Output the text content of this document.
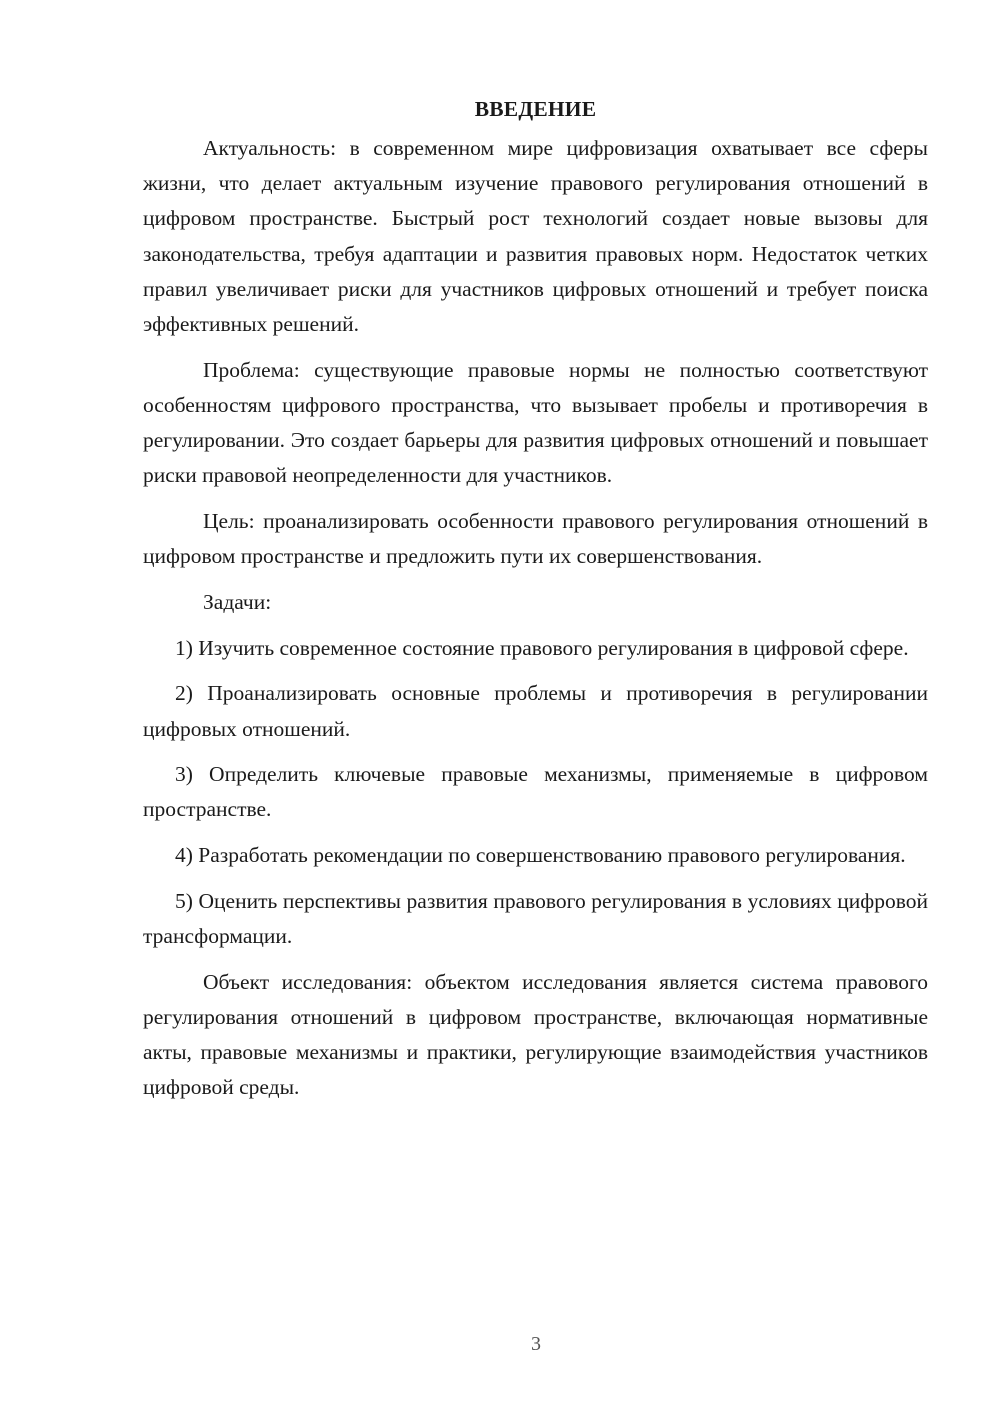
ВВЕДЕНИЕ

Актуальность: в современном мире цифровизация охватывает все сферы жизни, что делает актуальным изучение правового регулирования отношений в цифровом пространстве. Быстрый рост технологий создает новые вызовы для законодательства, требуя адаптации и развития правовых норм. Недостаток четких правил увеличивает риски для участников цифровых отношений и требует поиска эффективных решений.

Проблема: существующие правовые нормы не полностью соответствуют особенностям цифрового пространства, что вызывает пробелы и противоречия в регулировании. Это создает барьеры для развития цифровых отношений и повышает риски правовой неопределенности для участников.

Цель: проанализировать особенности правового регулирования отношений в цифровом пространстве и предложить пути их совершенствования.

Задачи:

1) Изучить современное состояние правового регулирования в цифровой сфере.

2) Проанализировать основные проблемы и противоречия в регулировании цифровых отношений.

3) Определить ключевые правовые механизмы, применяемые в цифровом пространстве.

4) Разработать рекомендации по совершенствованию правового регулирования.

5) Оценить перспективы развития правового регулирования в условиях цифровой трансформации.

Объект исследования: объектом исследования является система правового регулирования отношений в цифровом пространстве, включающая нормативные акты, правовые механизмы и практики, регулирующие взаимодействия участников цифровой среды.

3
